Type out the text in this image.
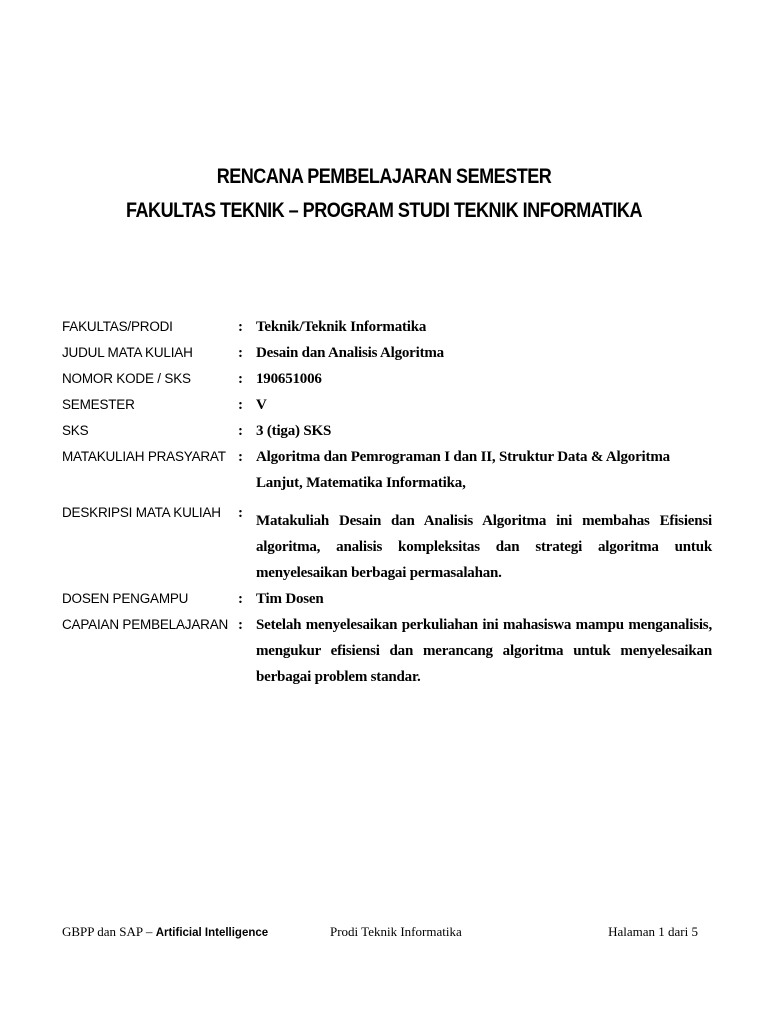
RENCANA PEMBELAJARAN SEMESTER
FAKULTAS TEKNIK – PROGRAM STUDI TEKNIK INFORMATIKA
FAKULTAS/PRODI	:	Teknik/Teknik Informatika
JUDUL MATA KULIAH	:	Desain dan Analisis Algoritma
NOMOR KODE / SKS	:	190651006
SEMESTER	:	V
SKS	:	3 (tiga) SKS
MATAKULIAH PRASYARAT	:	Algoritma dan Pemrograman I dan II, Struktur Data & Algoritma Lanjut, Matematika Informatika,
DESKRIPSI MATA KULIAH	:	Matakuliah Desain dan Analisis Algoritma ini membahas Efisiensi algoritma, analisis kompleksitas dan strategi algoritma untuk menyelesaikan berbagai permasalahan.
DOSEN PENGAMPU	:	Tim Dosen
CAPAIAN PEMBELAJARAN	:	Setelah menyelesaikan perkuliahan ini mahasiswa mampu menganalisis, mengukur efisiensi dan merancang algoritma untuk menyelesaikan berbagai problem standar.
GBPP dan SAP – Artificial Intelligence	Prodi Teknik Informatika	Halaman 1 dari 5
